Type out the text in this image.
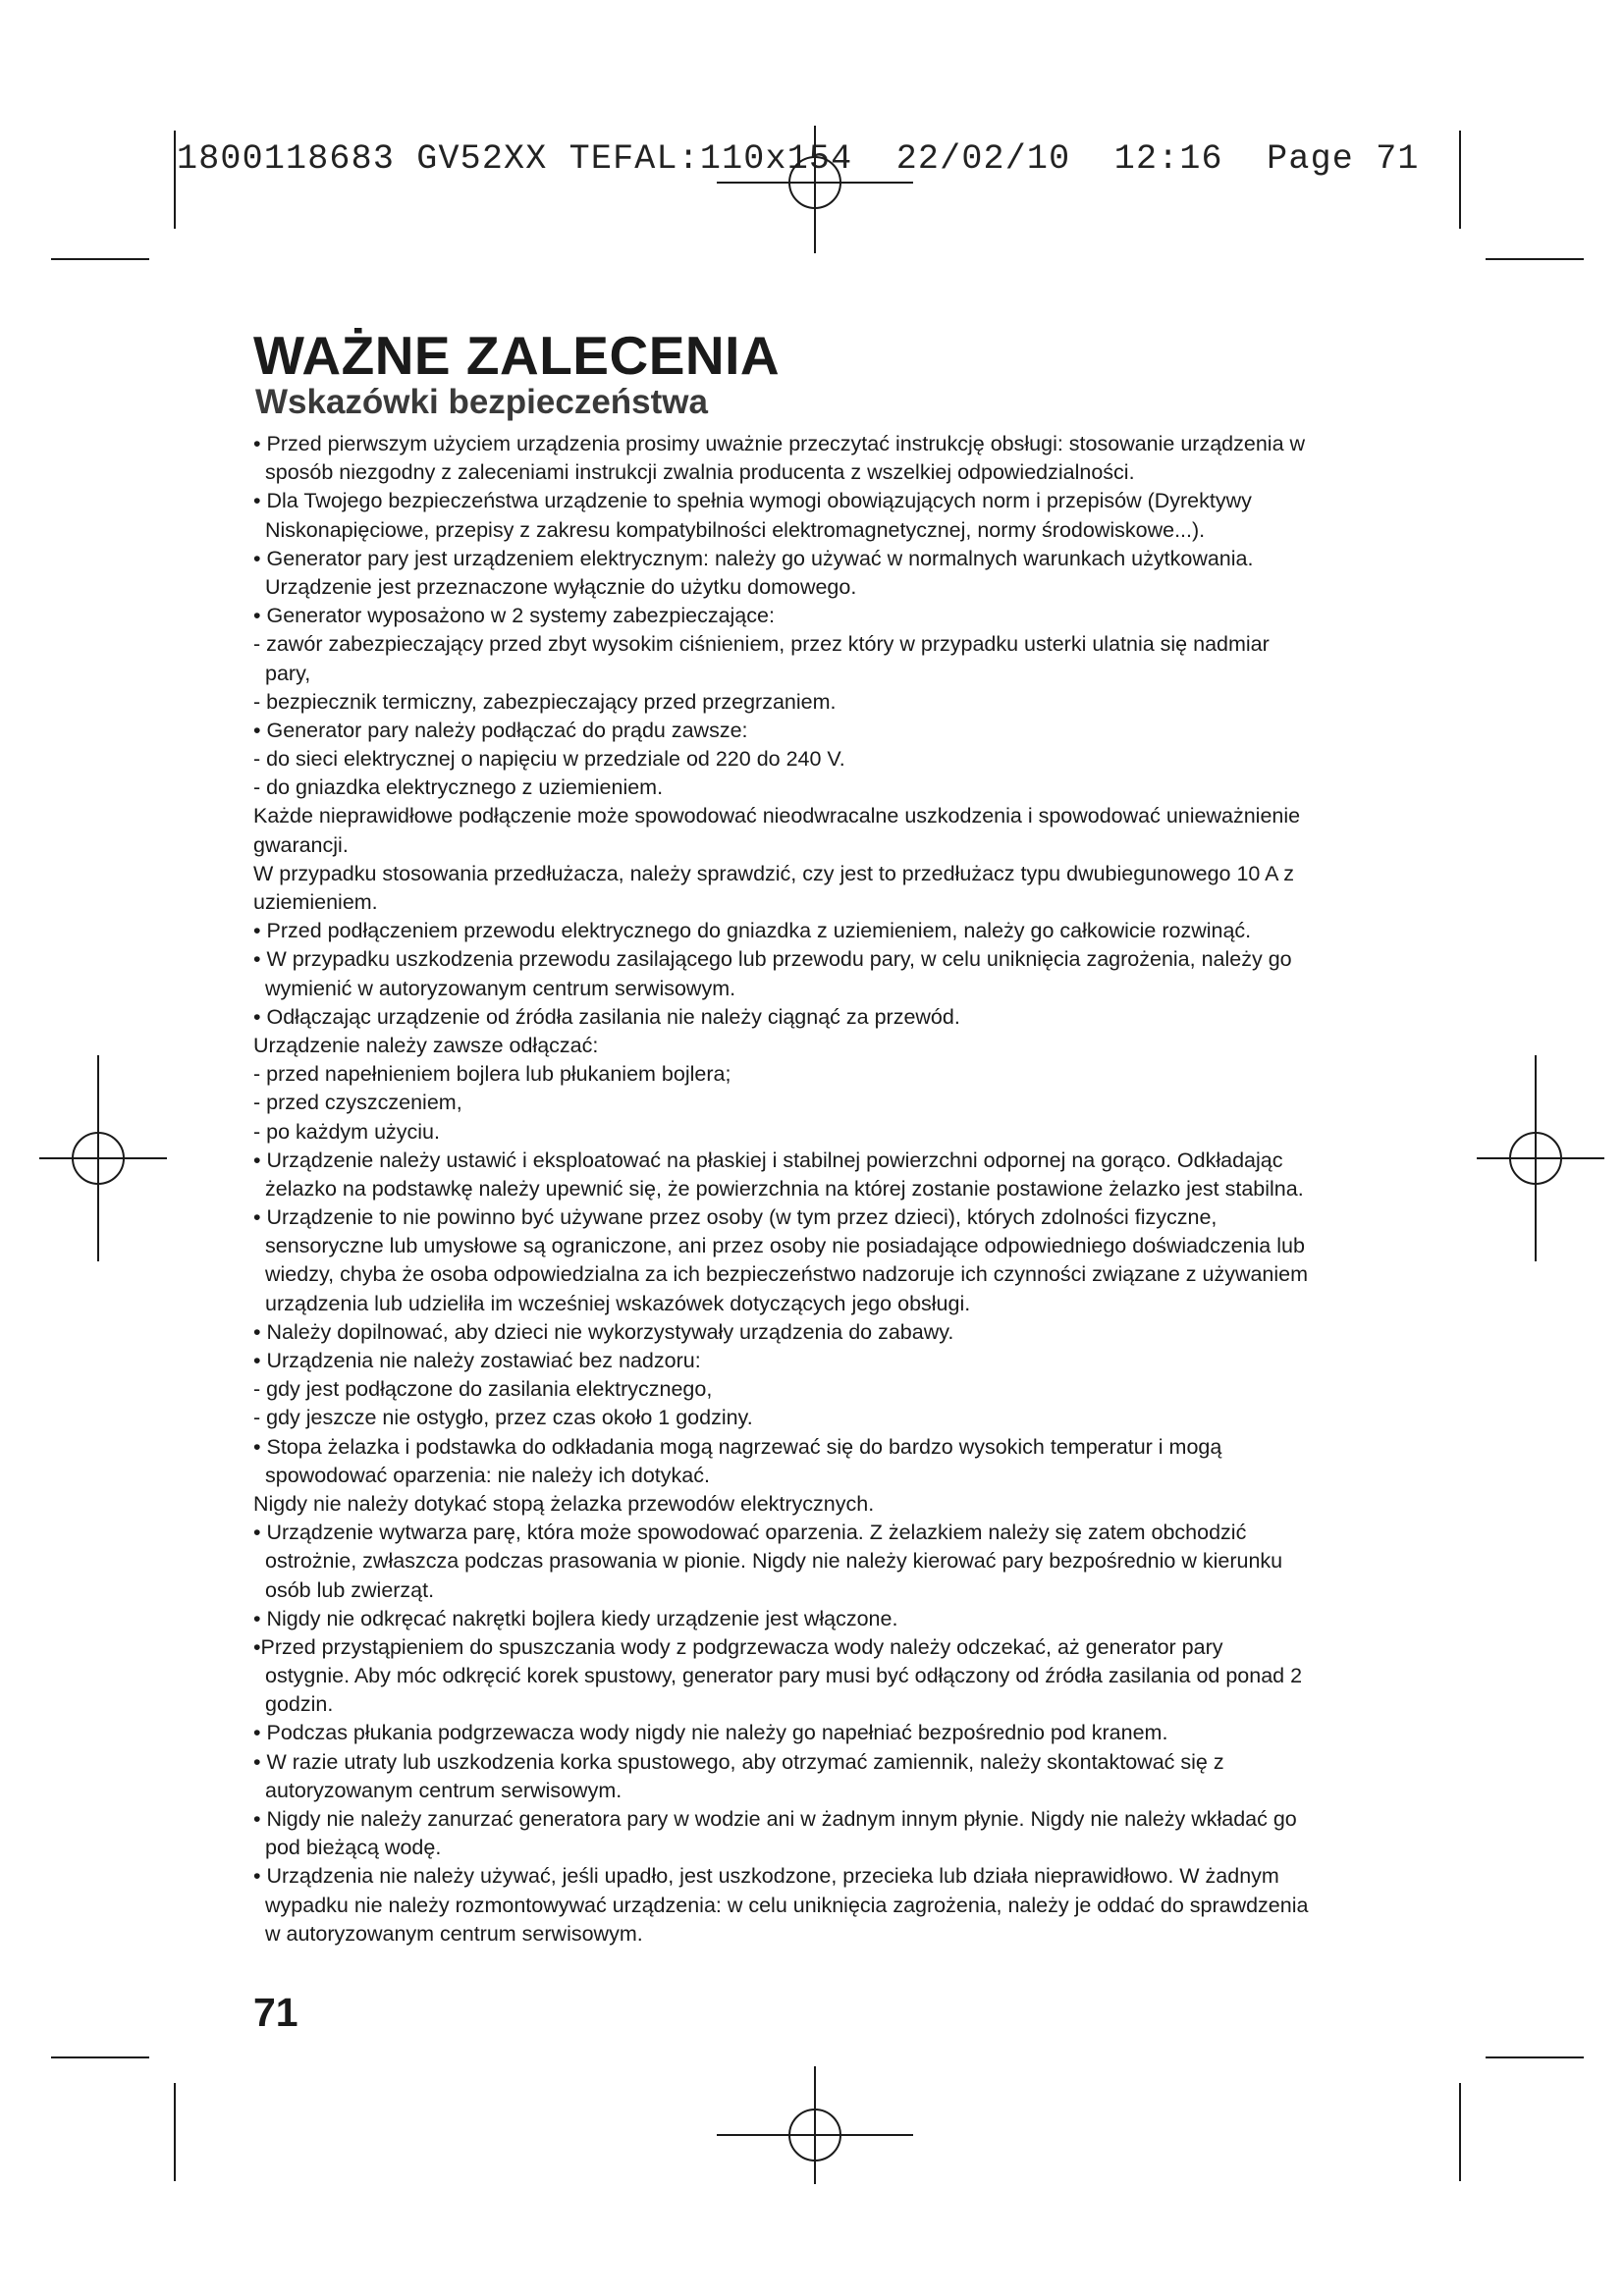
1800118683 GV52XX TEFAL:110x154  22/02/10  12:16  Page 71
WAŻNE ZALECENIA
Wskazówki bezpieczeństwa
• Przed pierwszym użyciem urządzenia prosimy uważnie przeczytać instrukcję obsługi: stosowanie urządzenia w
sposób niezgodny z zaleceniami instrukcji zwalnia producenta z wszelkiej odpowiedzialności.
• Dla Twojego bezpieczeństwa urządzenie to spełnia wymogi obowiązujących norm i przepisów (Dyrektywy
Niskonapięciowe, przepisy z zakresu kompatybilności elektromagnetycznej, normy środowiskowe...).
• Generator pary jest urządzeniem elektrycznym: należy go używać w normalnych warunkach użytkowania.
Urządzenie jest przeznaczone wyłącznie do użytku domowego.
• Generator wyposażono w 2 systemy zabezpieczające:
- zawór zabezpieczający przed zbyt wysokim ciśnieniem, przez który w przypadku usterki ulatnia się nadmiar
pary,
- bezpiecznik termiczny, zabezpieczający przed przegrzaniem.
• Generator pary należy podłączać do prądu zawsze:
- do sieci elektrycznej o napięciu w przedziale od 220 do 240 V.
- do gniazdka elektrycznego z uziemieniem.
Każde nieprawidłowe podłączenie może spowodować nieodwracalne uszkodzenia i spowodować unieważnienie
gwarancji.
W przypadku stosowania przedłużacza, należy sprawdzić, czy jest to przedłużacz typu dwubiegunowego 10 A z
uziemieniem.
• Przed podłączeniem przewodu elektrycznego do gniazdka z uziemieniem, należy go całkowicie rozwinąć.
• W przypadku uszkodzenia przewodu zasilającego lub przewodu pary, w celu uniknięcia zagrożenia, należy go
wymienić w autoryzowanym centrum serwisowym.
• Odłączając urządzenie od źródła zasilania nie należy ciągnąć za przewód.
Urządzenie należy zawsze odłączać:
- przed napełnieniem bojlera lub płukaniem bojlera;
- przed czyszczeniem,
- po każdym użyciu.
• Urządzenie należy ustawić i eksploatować na płaskiej i stabilnej powierzchni odpornej na gorąco. Odkładając
żelazko na podstawkę należy upewnić się, że powierzchnia na której zostanie postawione żelazko jest stabilna.
• Urządzenie to nie powinno być używane przez osoby (w tym przez dzieci), których zdolności fizyczne,
sensoryczne lub umysłowe są ograniczone, ani przez osoby nie posiadające odpowiedniego doświadczenia lub
wiedzy, chyba że osoba odpowiedzialna za ich bezpieczeństwo nadzoruje ich czynności związane z używaniem
urządzenia lub udzieliła im wcześniej wskazówek dotyczących jego obsługi.
• Należy dopilnować, aby dzieci nie wykorzystywały urządzenia do zabawy.
• Urządzenia nie należy zostawiać bez nadzoru:
- gdy jest podłączone do zasilania elektrycznego,
- gdy jeszcze nie ostygło, przez czas około 1 godziny.
• Stopa żelazka i podstawka do odkładania mogą nagrzewać się do bardzo wysokich temperatur i mogą
spowodować oparzenia: nie należy ich dotykać.
Nigdy nie należy dotykać stopą żelazka przewodów elektrycznych.
• Urządzenie wytwarza parę, która może spowodować oparzenia. Z żelazkiem należy się zatem obchodzić
ostrożnie, zwłaszcza podczas prasowania w pionie. Nigdy nie należy kierować pary bezpośrednio w kierunku
osób lub zwierząt.
• Nigdy nie odkręcać nakrętki bojlera kiedy urządzenie jest włączone.
•Przed przystąpieniem do spuszczania wody z podgrzewacza wody należy odczekać, aż generator pary
ostygnie. Aby móc odkręcić korek spustowy, generator pary musi być odłączony od źródła zasilania od ponad 2
godzin.
• Podczas płukania podgrzewacza wody nigdy nie należy go napełniać bezpośrednio pod kranem.
• W razie utraty lub uszkodzenia korka spustowego, aby otrzymać zamiennik, należy skontaktować się z
autoryzowanym centrum serwisowym.
• Nigdy nie należy zanurzać generatora pary w wodzie ani w żadnym innym płynie. Nigdy nie należy wkładać go
pod bieżącą wodę.
• Urządzenia nie należy używać, jeśli upadło, jest uszkodzone, przecieka lub działa nieprawidłowo. W żadnym
wypadku nie należy rozmontowywać urządzenia: w celu uniknięcia zagrożenia, należy je oddać do sprawdzenia
w autoryzowanym centrum serwisowym.
71
